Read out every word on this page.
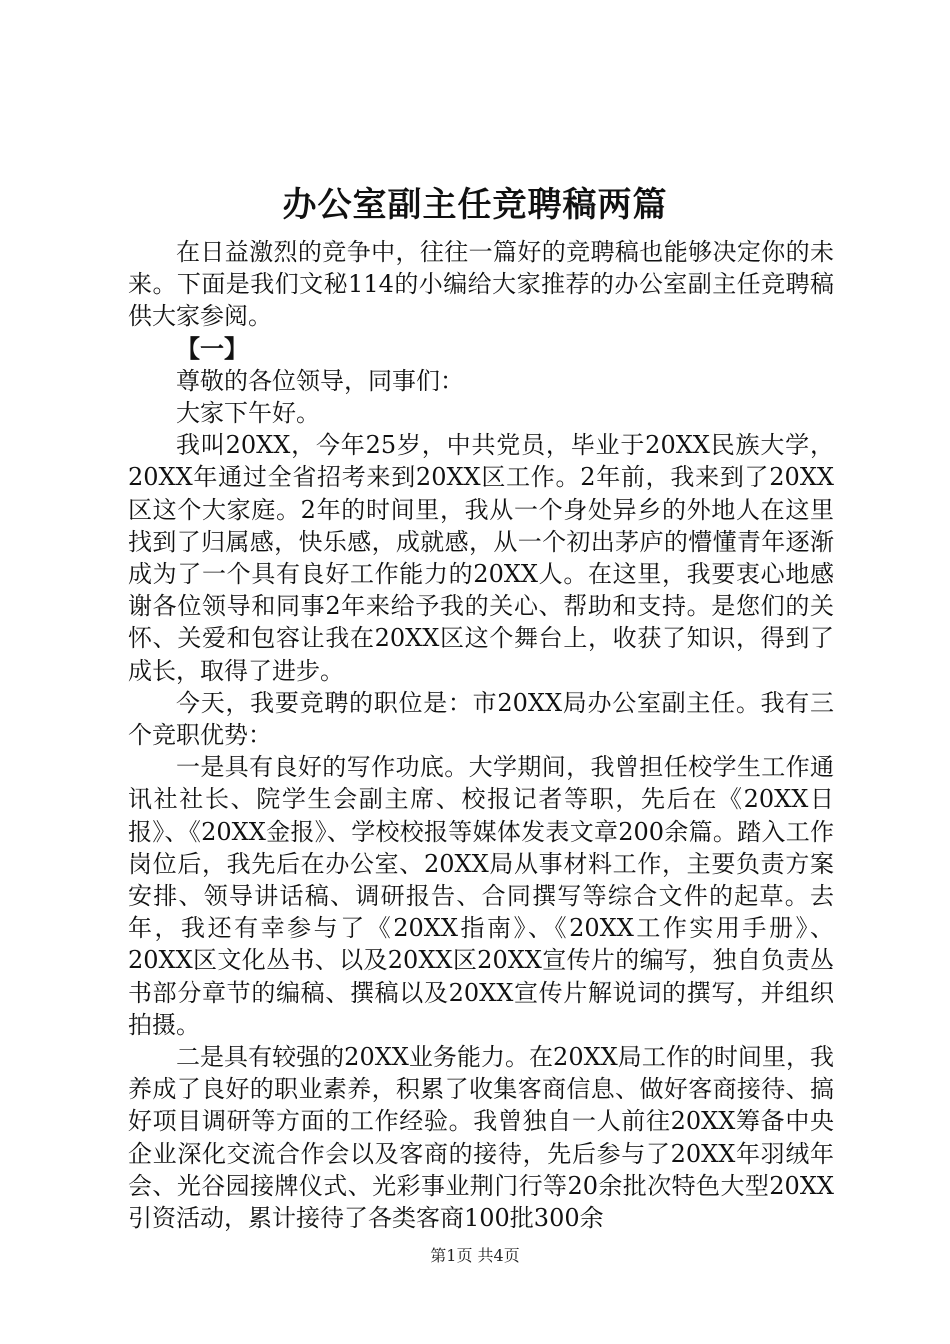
办公室副主任竞聘稿两篇

在日益激烈的竞争中，往往一篇好的竞聘稿也能够决定你的未来。下面是我们文秘114的小编给大家推荐的办公室副主任竞聘稿供大家参阅。

【一】

尊敬的各位领导，同事们：

大家下午好。

我叫20XX，今年25岁，中共党员，毕业于20XX民族大学，20XX年通过全省招考来到20XX区工作。2年前，我来到了20XX区这个大家庭。2年的时间里，我从一个身处异乡的外地人在这里找到了归属感，快乐感，成就感，从一个初出茅庐的懵懂青年逐渐成为了一个具有良好工作能力的20XX人。在这里，我要衷心地感谢各位领导和同事2年来给予我的关心、帮助和支持。是您们的关怀、关爱和包容让我在20XX区这个舞台上，收获了知识，得到了成长，取得了进步。

今天，我要竞聘的职位是：市20XX局办公室副主任。我有三个竞职优势：

一是具有良好的写作功底。大学期间，我曾担任校学生工作通讯社社长、院学生会副主席、校报记者等职，先后在《20XX日报》、《20XX金报》、学校校报等媒体发表文章200余篇。踏入工作岗位后，我先后在办公室、20XX局从事材料工作，主要负责方案安排、领导讲话稿、调研报告、合同撰写等综合文件的起草。去年，我还有幸参与了《20XX指南》、《20XX工作实用手册》、20XX区文化丛书、以及20XX区20XX宣传片的编写，独自负责丛书部分章节的编稿、撰稿以及20XX宣传片解说词的撰写，并组织拍摄。

二是具有较强的20XX业务能力。在20XX局工作的时间里，我养成了良好的职业素养，积累了收集客商信息、做好客商接待、搞好项目调研等方面的工作经验。我曾独自一人前往20XX筹备中央企业深化交流合作会以及客商的接待，先后参与了20XX年羽绒年会、光谷园接牌仪式、光彩事业荆门行等20余批次特色大型20XX引资活动，累计接待了各类客商100批300余

第1页 共4页
